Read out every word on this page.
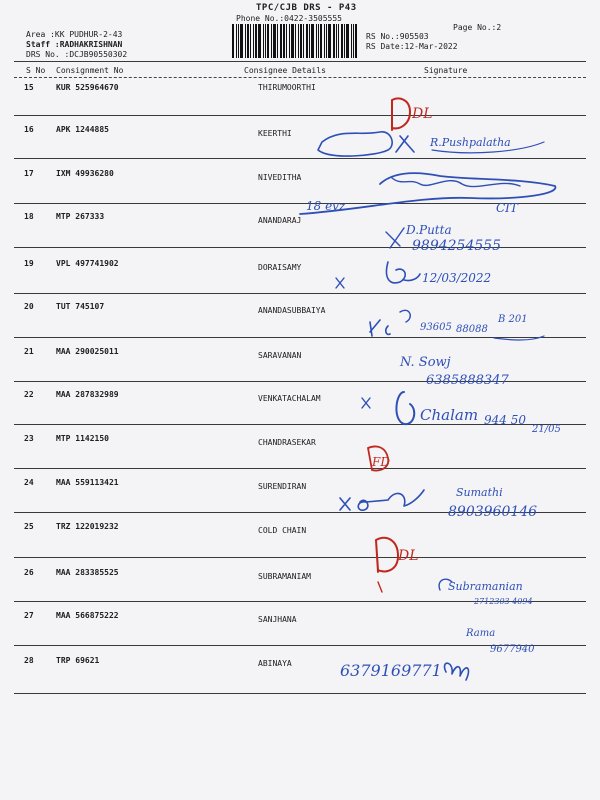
TPC/CJB DRS - P43
Phone No.:0422-3505555
Area :KK PUDHUR-2-43
Staff :RADHAKRISHNAN
DRS No. :DCJB90550302
Page No.:2
RS No.:905503
RS Date:12-Mar-2022
S No Consignment No	Consignee Details	Signature
15	KUR 525964670	THIRUMOORTHI
16	APK 1244885	KEERTHI
17	IXM 49936280	NIVEDITHA
18	MTP 267333	ANANDARAJ
19	VPL 497741902	DORAISAMY
20	TUT 745107	ANANDASUBBAIYA
21	MAA 290025011	SARAVANAN
22	MAA 287832989	VENKATACHALAM
23	MTP 1142150	CHANDRASEKAR
24	MAA 559113421	SURENDIRAN
25	TRZ 122019232	COLD CHAIN
26	MAA 283385525	SUBRAMANIAM
27	MAA 566875222	SANJHANA
28	TRP 69621	ABINAYA
DL
R.Pushpalatha
18 evz	CIT
D.Putta
9894254555
12/03/2022
93605 88088
B 201
N. Sowj
6385888347
Chalam 944 50
21/05
FD
Sumathi
8903960146
DL
Subramanian
2712303 4094
Rama
9677940
6379169771
